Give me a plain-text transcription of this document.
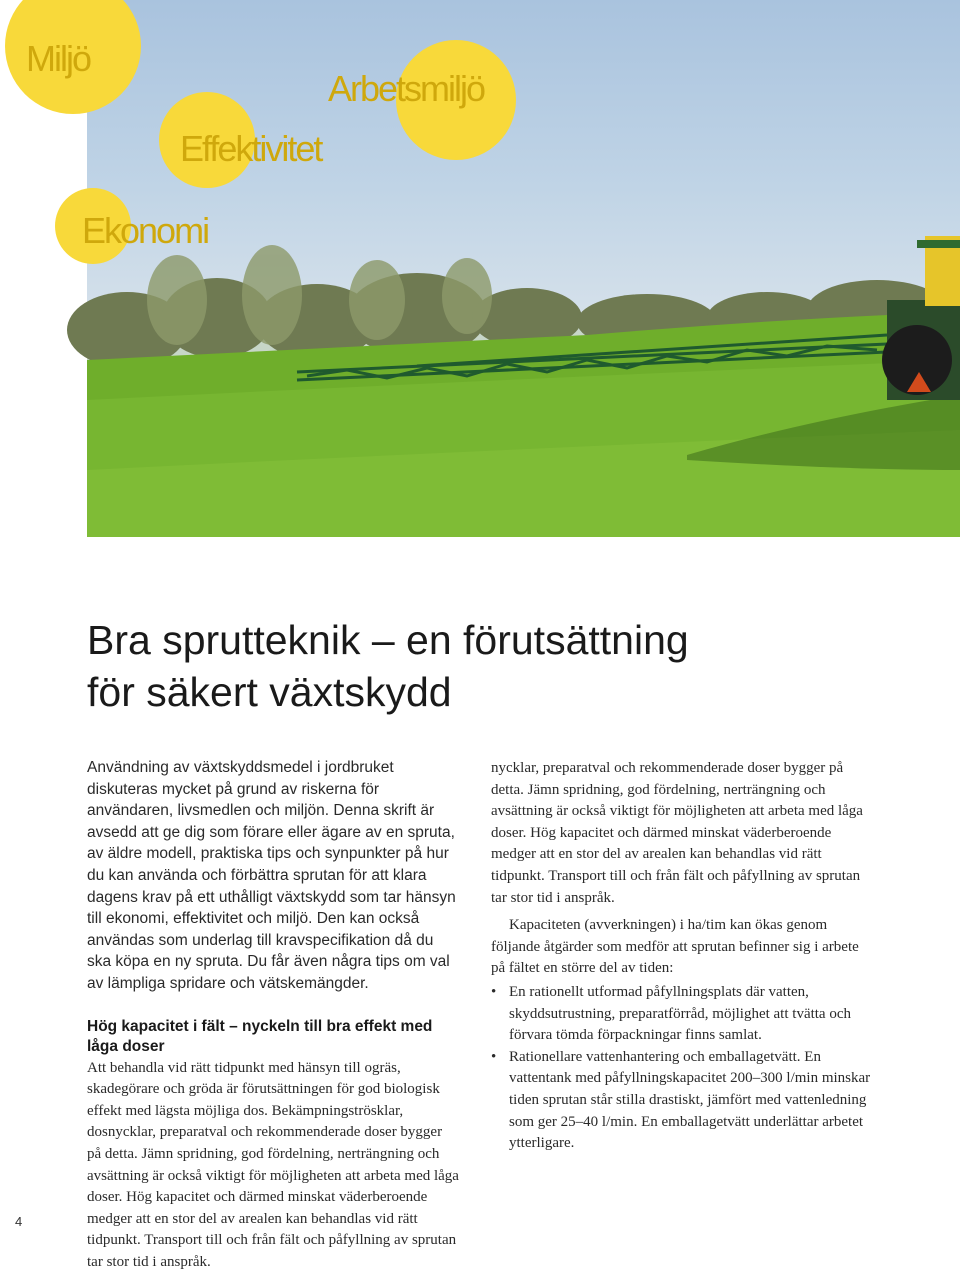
Miljö
Arbetsmiljö
Effektivitet
Ekonomi
Bra sprutteknik – en förutsättning
för säkert växtskydd

Användning av växtskyddsmedel i jordbruket diskuteras mycket på grund av riskerna för användaren, livsmedlen och miljön. Denna skrift är avsedd att ge dig som förare eller ägare av en spruta, av äldre modell, praktiska tips och synpunkter på hur du kan använda och förbättra sprutan för att klara dagens krav på ett uthålligt växtskydd som tar hänsyn till ekonomi, effektivitet och miljö. Den kan också användas som underlag till kravspecifikation då du ska köpa en ny spruta. Du får även några tips om val av lämpliga spridare och vätskemängder.

Hög kapacitet i fält – nyckeln till bra effekt med låga doser

Att behandla vid rätt tidpunkt med hänsyn till ogräs, skadegörare och gröda är förutsättningen för god biologisk effekt med lägsta möjliga dos. Bekämpningströsklar, dosnycklar, preparatval och rekommenderade doser bygger på detta. Jämn spridning, god fördelning, nerträngning och avsättning är också viktigt för möjligheten att arbeta med låga doser. Hög kapacitet och därmed minskat väderberoende medger att en stor del av arealen kan behandlas vid rätt tidpunkt. Transport till och från fält och påfyllning av sprutan tar stor tid i anspråk.

nycklar, preparatval och rekommenderade doser bygger på detta. Jämn spridning, god fördelning, nerträngning och avsättning är också viktigt för möjligheten att arbeta med låga doser. Hög kapacitet och därmed minskat väderberoende medger att en stor del av arealen kan behandlas vid rätt tidpunkt. Transport till och från fält och påfyllning av sprutan tar stor tid i anspråk.

Kapaciteten (avverkningen) i ha/tim kan ökas genom följande åtgärder som medför att sprutan befinner sig i arbete på fältet en större del av tiden:

• En rationellt utformad påfyllningsplats där vatten, skyddsutrustning, preparatförråd, möjlighet att tvätta och förvara tömda förpackningar finns samlat.
• Rationellare vattenhantering och emballagetvätt. En vattentank med påfyllningskapacitet 200–300 l/min minskar tiden sprutan står stilla drastiskt, jämfört med vattenledning som ger 25–40 l/min. En emballagetvätt underlättar arbetet ytterligare.
4
